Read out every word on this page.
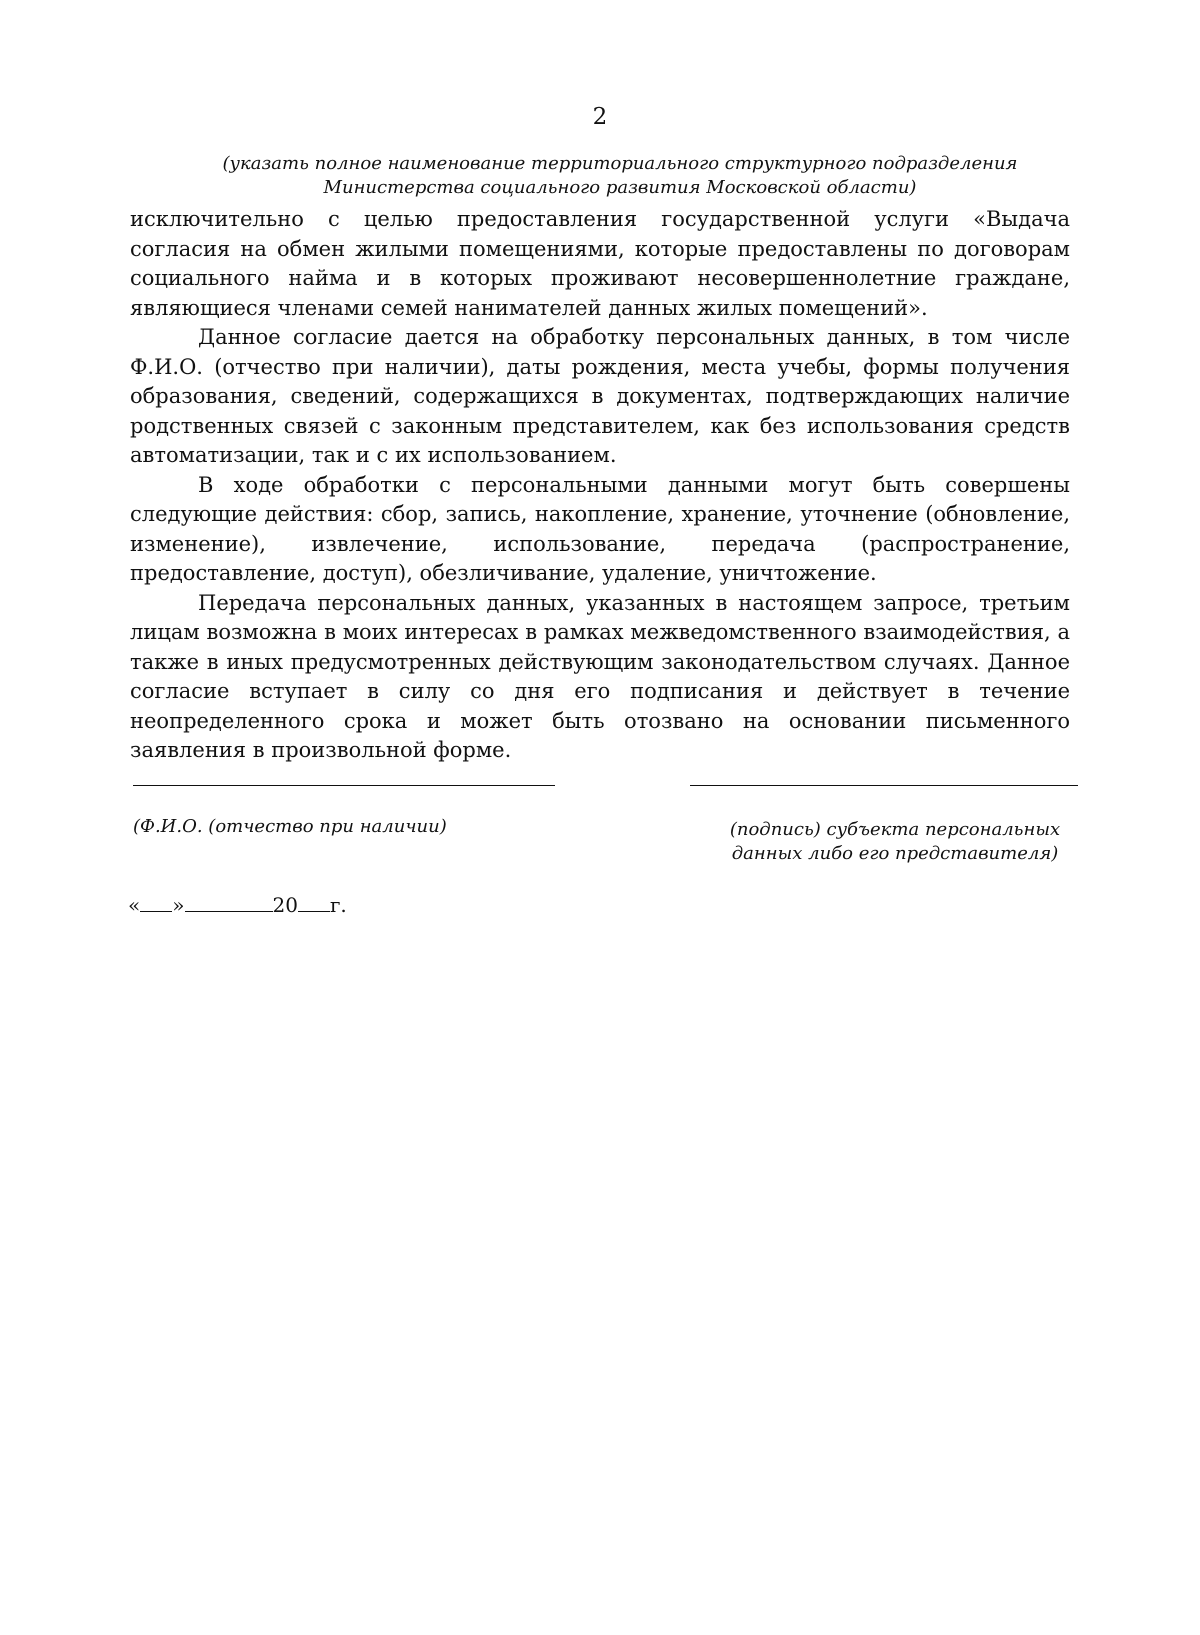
2
(указать полное наименование территориального структурного подразделения
Министерства социального развития Московской области)

исключительно с целью предоставления государственной услуги «Выдача согласия на обмен жилыми помещениями, которые предоставлены по договорам социального найма и в которых проживают несовершеннолетние граждане, являющиеся членами семей нанимателей данных жилых помещений».

Данное согласие дается на обработку персональных данных, в том числе Ф.И.О. (отчество при наличии), даты рождения, места учебы, формы получения образования, сведений, содержащихся в документах, подтверждающих наличие родственных связей с законным представителем, как без использования средств автоматизации, так и с их использованием.

В ходе обработки с персональными данными могут быть совершены следующие действия: сбор, запись, накопление, хранение, уточнение (обновление, изменение), извлечение, использование, передача (распространение, предоставление, доступ), обезличивание, удаление, уничтожение.

Передача персональных данных, указанных в настоящем запросе, третьим лицам возможна в моих интересах в рамках межведомственного взаимодействия, а также в иных предусмотренных действующим законодательством случаях. Данное согласие вступает в силу со дня его подписания и действует в течение неопределенного срока и может быть отозвано на основании письменного заявления в произвольной форме.

(Ф.И.О. (отчество при наличии)	(подпись) субъекта персональных
данных либо его представителя)
« »	20 г.
